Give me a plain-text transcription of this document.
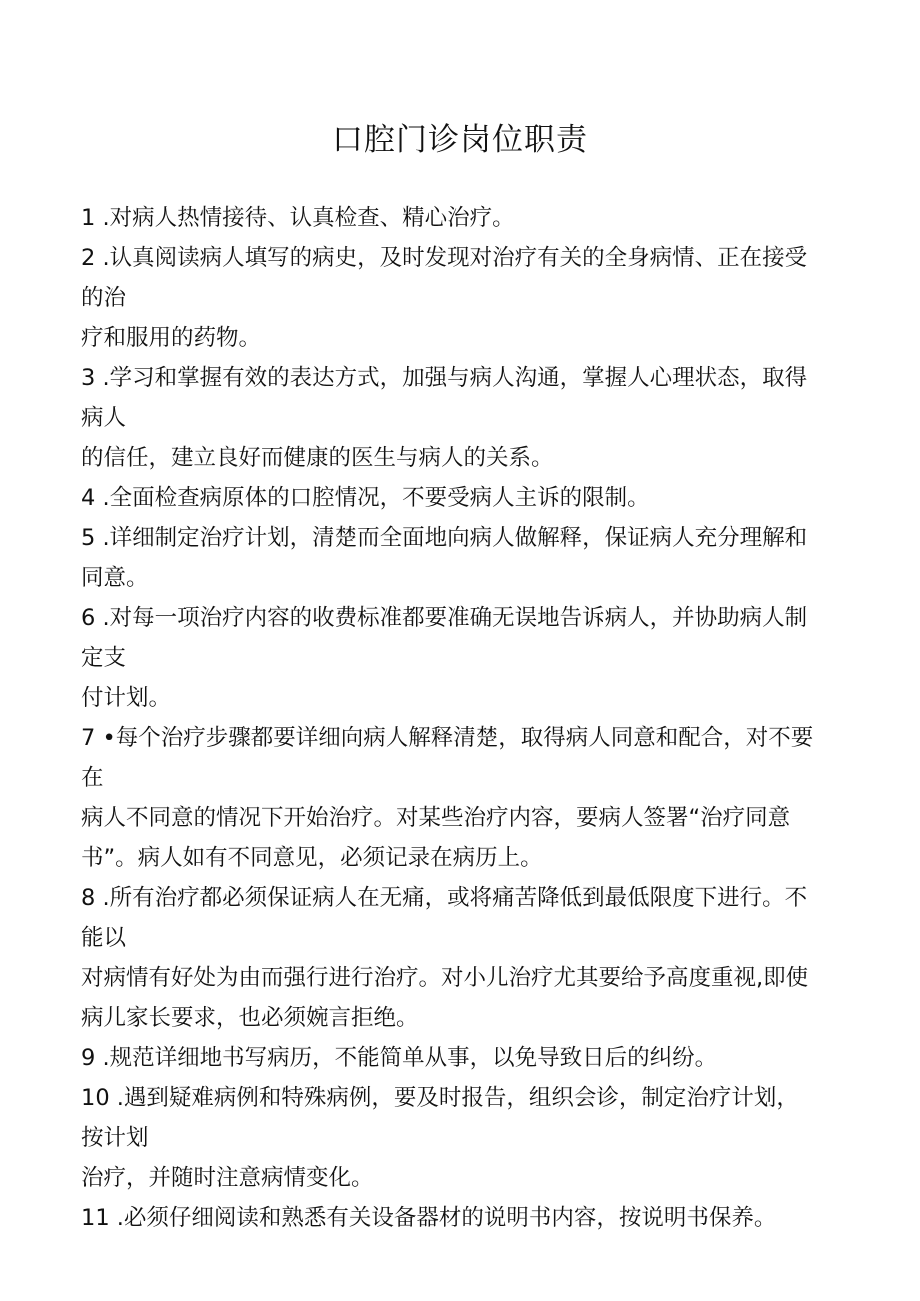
口腔门诊岗位职责
1 .对病人热情接待、认真检查、精心治疗。
2 .认真阅读病人填写的病史，及时发现对治疗有关的全身病情、正在接受
的治
疗和服用的药物。
3 .学习和掌握有效的表达方式，加强与病人沟通，掌握人心理状态，取得
病人
的信任，建立良好而健康的医生与病人的关系。
4 .全面检查病原体的口腔情况，不要受病人主诉的限制。
5 .详细制定治疗计划，清楚而全面地向病人做解释，保证病人充分理解和
同意。
6 .对每一项治疗内容的收费标准都要准确无误地告诉病人，并协助病人制
定支
付计划。
7 •每个治疗步骤都要详细向病人解释清楚，取得病人同意和配合，对不要
在
病人不同意的情况下开始治疗。对某些治疗内容，要病人签署“治疗同意
书”。病人如有不同意见，必须记录在病历上。
8 .所有治疗都必须保证病人在无痛，或将痛苦降低到最低限度下进行。不
能以
对病情有好处为由而强行进行治疗。对小儿治疗尤其要给予高度重视,即使
病儿家长要求，也必须婉言拒绝。
9 .规范详细地书写病历，不能简单从事，以免导致日后的纠纷。
10 .遇到疑难病例和特殊病例，要及时报告，组织会诊，制定治疗计划，
按计划
治疗，并随时注意病情变化。
11 .必须仔细阅读和熟悉有关设备器材的说明书内容，按说明书保养。
